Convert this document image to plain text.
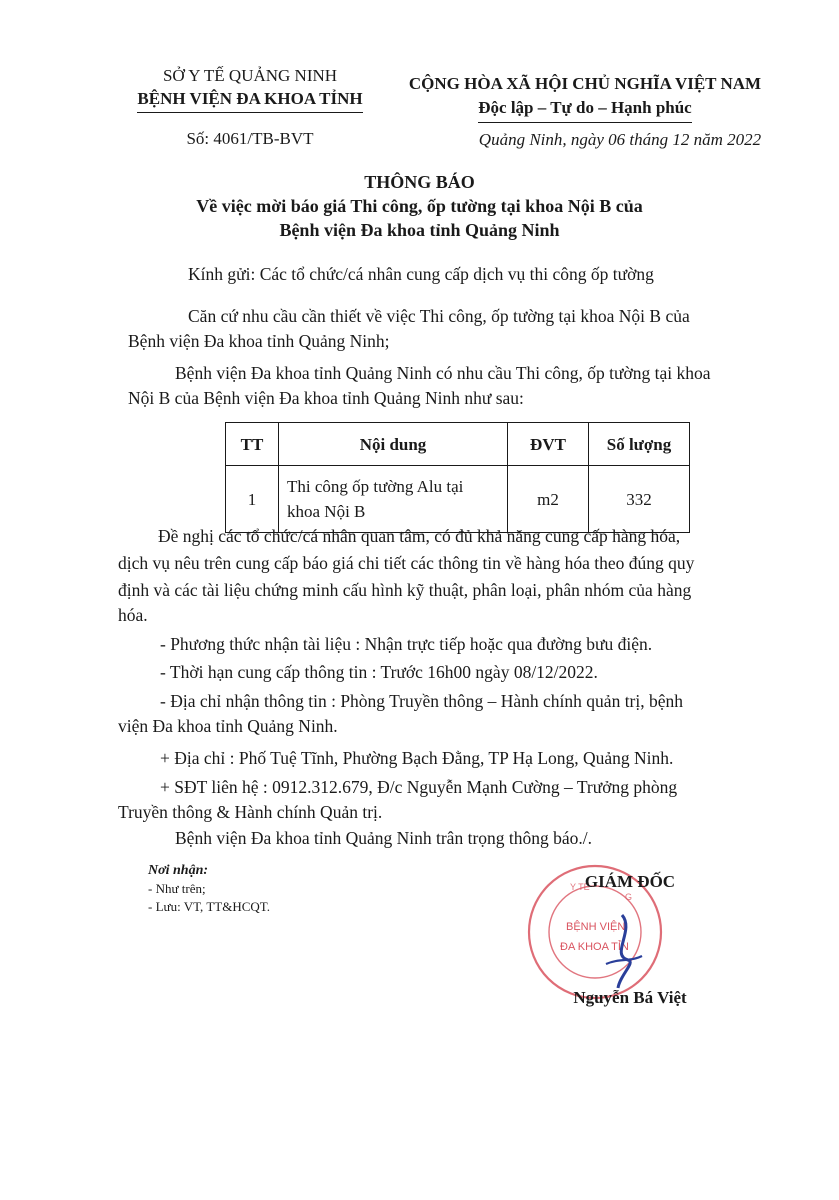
SỞ Y TẾ QUẢNG NINH
BỆNH VIỆN ĐA KHOA TỈNH
Số: 4061/TB-BVT
CỘNG HÒA XÃ HỘI CHỦ NGHĨA VIỆT NAM
Độc lập – Tự do – Hạnh phúc
Quảng Ninh, ngày 06 tháng 12 năm 2022
THÔNG BÁO
Về việc mời báo giá Thi công, ốp tường tại khoa Nội B của
Bệnh viện Đa khoa tỉnh Quảng Ninh
Kính gửi: Các tổ chức/cá nhân cung cấp dịch vụ thi công ốp tường
Căn cứ nhu cầu cần thiết về việc Thi công, ốp tường tại khoa Nội B của
Bệnh viện Đa khoa tỉnh Quảng Ninh;
Bệnh viện Đa khoa tỉnh Quảng Ninh có nhu cầu Thi công, ốp tường tại khoa
Nội B của Bệnh viện Đa khoa tỉnh Quảng Ninh như sau:
TT	Nội dung	ĐVT	Số lượng
1	Thi công ốp tường Alu tại
khoa Nội B	m2	332
Đề nghị các tổ chức/cá nhân quan tâm, có đủ khả năng cung cấp hàng hóa,
dịch vụ nêu trên cung cấp báo giá chi tiết các thông tin về hàng hóa theo đúng quy
định và các tài liệu chứng minh cấu hình kỹ thuật, phân loại, phân nhóm của hàng
hóa.
- Phương thức nhận tài liệu : Nhận trực tiếp hoặc qua đường bưu điện.
- Thời hạn cung cấp thông tin : Trước 16h00 ngày 08/12/2022.
- Địa chỉ nhận thông tin : Phòng Truyền thông – Hành chính quản trị, bệnh
viện Đa khoa tỉnh Quảng Ninh.
+ Địa chỉ : Phố Tuệ Tĩnh, Phường Bạch Đằng, TP Hạ Long, Quảng Ninh.
+ SĐT liên hệ : 0912.312.679, Đ/c Nguyễn Mạnh Cường – Trưởng phòng
Truyền thông & Hành chính Quản trị.
Bệnh viện Đa khoa tỉnh Quảng Ninh trân trọng thông báo./.
Nơi nhận:
- Như trên;
- Lưu: VT, TT&HCQT.
Y TẾ
G
BỆNH VIỆN
ĐA KHOA TỈN
GIÁM ĐỐC
Nguyễn Bá Việt
